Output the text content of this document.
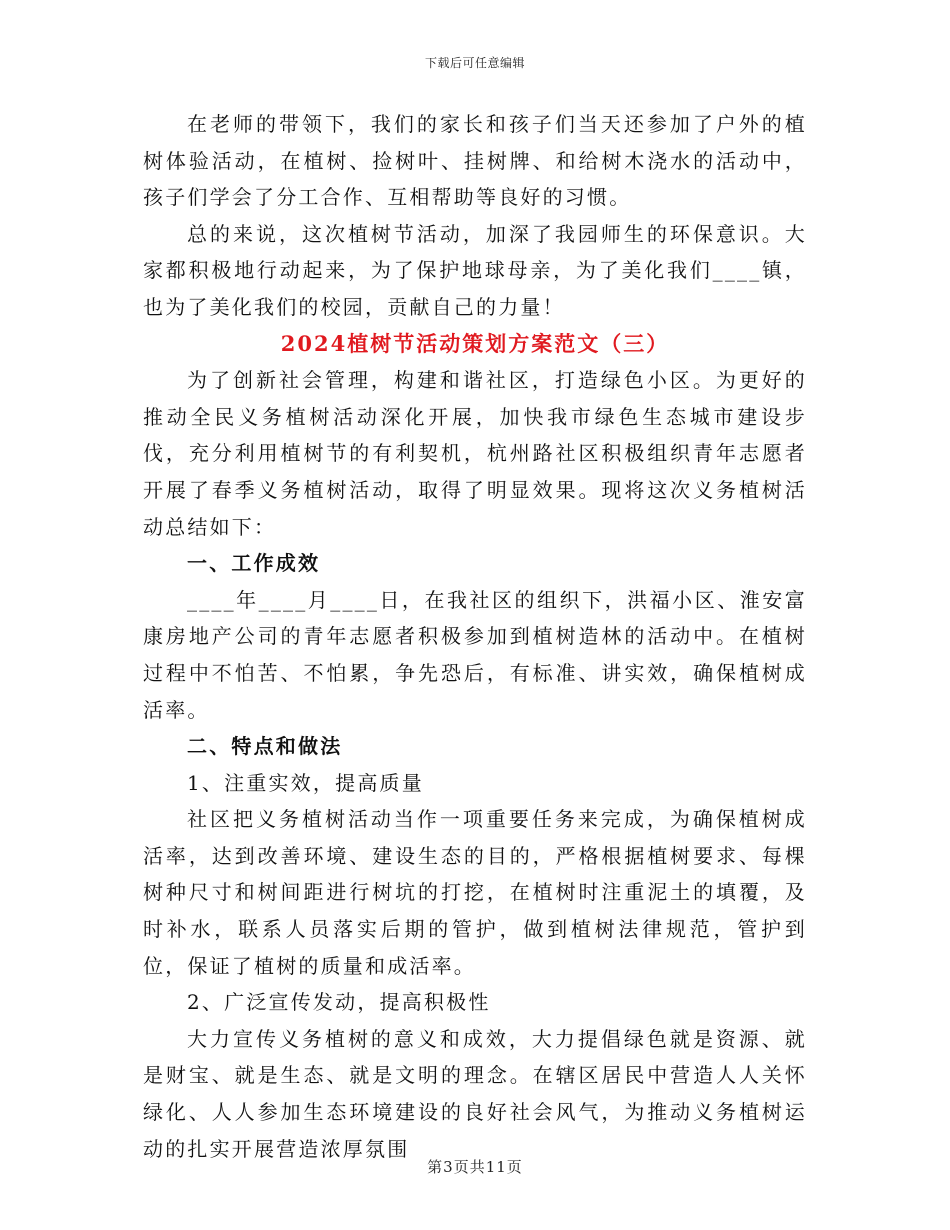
下载后可任意编辑

在老师的带领下，我们的家长和孩子们当天还参加了户外的植树体验活动，在植树、捡树叶、挂树牌、和给树木浇水的活动中，孩子们学会了分工合作、互相帮助等良好的习惯。

总的来说，这次植树节活动，加深了我园师生的环保意识。大家都积极地行动起来，为了保护地球母亲，为了美化我们____镇，也为了美化我们的校园，贡献自己的力量！

2024植树节活动策划方案范文（三）

为了创新社会管理，构建和谐社区，打造绿色小区。为更好的推动全民义务植树活动深化开展，加快我市绿色生态城市建设步伐，充分利用植树节的有利契机，杭州路社区积极组织青年志愿者开展了春季义务植树活动，取得了明显效果。现将这次义务植树活动总结如下：

一、工作成效

____年____月____日，在我社区的组织下，洪福小区、淮安富康房地产公司的青年志愿者积极参加到植树造林的活动中。在植树过程中不怕苦、不怕累，争先恐后，有标准、讲实效，确保植树成活率。

二、特点和做法

1、注重实效，提高质量

社区把义务植树活动当作一项重要任务来完成，为确保植树成活率，达到改善环境、建设生态的目的，严格根据植树要求、每棵树种尺寸和树间距进行树坑的打挖，在植树时注重泥土的填覆，及时补水，联系人员落实后期的管护，做到植树法律规范，管护到位，保证了植树的质量和成活率。

2、广泛宣传发动，提高积极性

大力宣传义务植树的意义和成效，大力提倡绿色就是资源、就是财宝、就是生态、就是文明的理念。在辖区居民中营造人人关怀绿化、人人参加生态环境建设的良好社会风气，为推动义务植树运动的扎实开展营造浓厚氛围

第3页共11页
